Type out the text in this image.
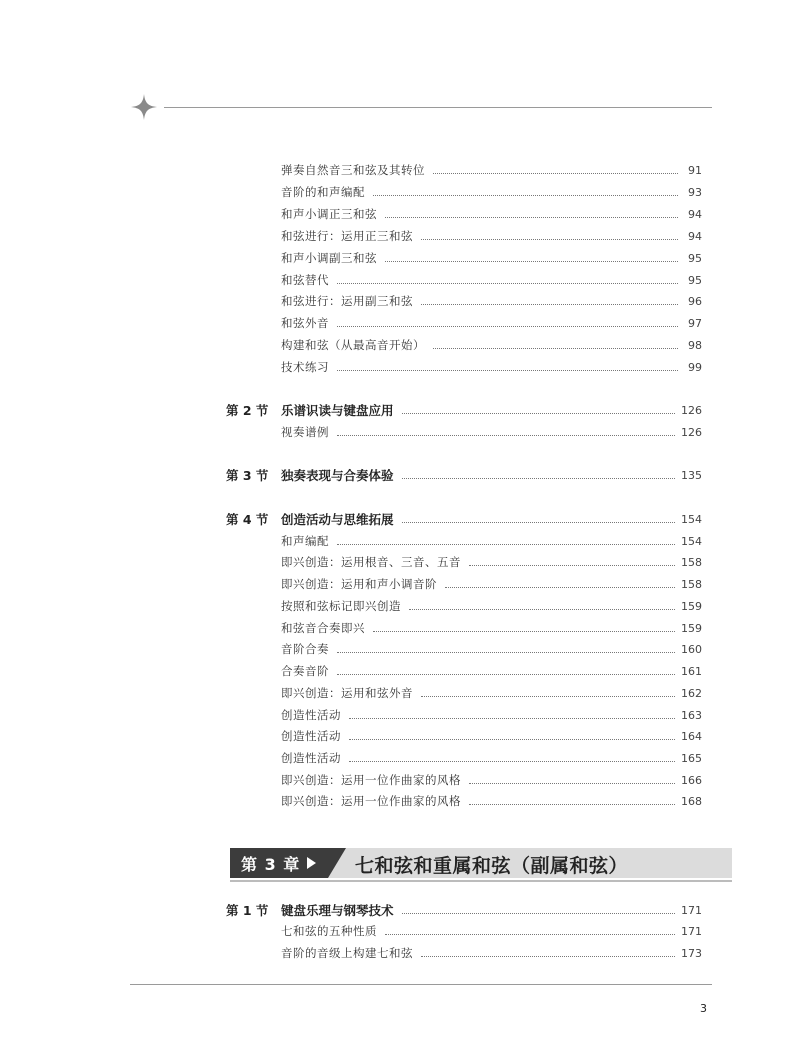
弹奏自然音三和弦及其转位	91
音阶的和声编配	93
和声小调正三和弦	94
和弦进行：运用正三和弦	94
和声小调副三和弦	95
和弦替代	95
和弦进行：运用副三和弦	96
和弦外音	97
构建和弦（从最高音开始）	98
技术练习	99
第 2 节	乐谱识读与键盘应用	126
视奏谱例	126
第 3 节	独奏表现与合奏体验	135
第 4 节	创造活动与思维拓展	154
和声编配	154
即兴创造：运用根音、三音、五音	158
即兴创造：运用和声小调音阶	158
按照和弦标记即兴创造	159
和弦音合奏即兴	159
音阶合奏	160
合奏音阶	161
即兴创造：运用和弦外音	162
创造性活动	163
创造性活动	164
创造性活动	165
即兴创造：运用一位作曲家的风格	166
即兴创造：运用一位作曲家的风格	168
第 3 章	七和弦和重属和弦（副属和弦）
第 1 节	键盘乐理与钢琴技术	171
七和弦的五种性质	171
音阶的音级上构建七和弦	173
3
